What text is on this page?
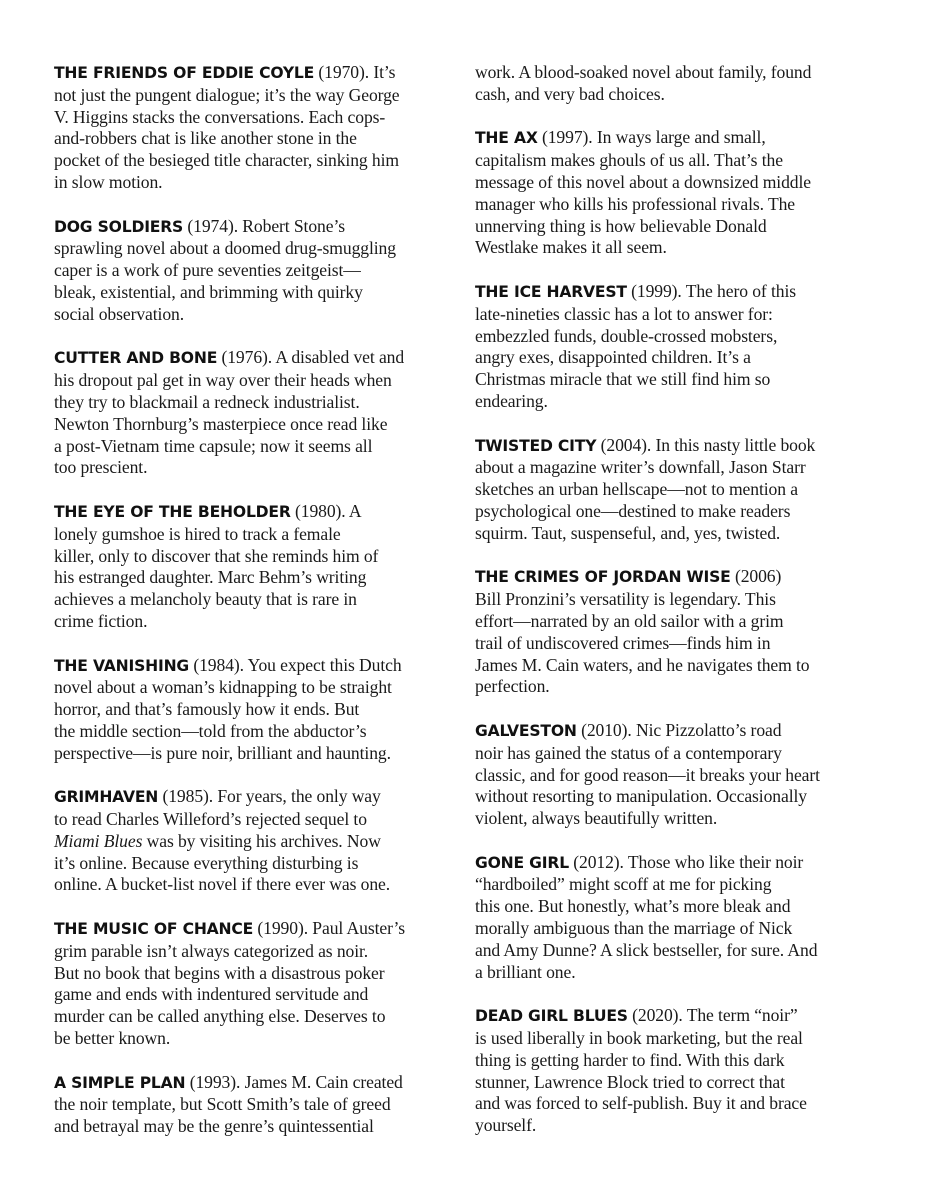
THE FRIENDS OF EDDIE COYLE (1970). It’s
not just the pungent dialogue; it’s the way George
V. Higgins stacks the conversations. Each cops-
and-robbers chat is like another stone in the
pocket of the besieged title character, sinking him
in slow motion.

DOG SOLDIERS (1974). Robert Stone’s
sprawling novel about a doomed drug-smuggling
caper is a work of pure seventies zeitgeist—
bleak, existential, and brimming with quirky
social observation.

CUTTER AND BONE (1976). A disabled vet and
his dropout pal get in way over their heads when
they try to blackmail a redneck industrialist.
Newton Thornburg’s masterpiece once read like
a post-Vietnam time capsule; now it seems all
too prescient.

THE EYE OF THE BEHOLDER (1980). A
lonely gumshoe is hired to track a female
killer, only to discover that she reminds him of
his estranged daughter. Marc Behm’s writing
achieves a melancholy beauty that is rare in
crime fiction.

THE VANISHING (1984). You expect this Dutch
novel about a woman’s kidnapping to be straight
horror, and that’s famously how it ends. But
the middle section—told from the abductor’s
perspective—is pure noir, brilliant and haunting.

GRIMHAVEN (1985). For years, the only way
to read Charles Willeford’s rejected sequel to
Miami Blues was by visiting his archives. Now
it’s online. Because everything disturbing is
online. A bucket-list novel if there ever was one.

THE MUSIC OF CHANCE (1990). Paul Auster’s
grim parable isn’t always categorized as noir.
But no book that begins with a disastrous poker
game and ends with indentured servitude and
murder can be called anything else. Deserves to
be better known.

A SIMPLE PLAN (1993). James M. Cain created
the noir template, but Scott Smith’s tale of greed
and betrayal may be the genre’s quintessential

work. A blood-soaked novel about family, found
cash, and very bad choices.

THE AX (1997). In ways large and small,
capitalism makes ghouls of us all. That’s the
message of this novel about a downsized middle
manager who kills his professional rivals. The
unnerving thing is how believable Donald
Westlake makes it all seem.

THE ICE HARVEST (1999). The hero of this
late-nineties classic has a lot to answer for:
embezzled funds, double-crossed mobsters,
angry exes, disappointed children. It’s a
Christmas miracle that we still find him so
endearing.

TWISTED CITY (2004). In this nasty little book
about a magazine writer’s downfall, Jason Starr
sketches an urban hellscape—not to mention a
psychological one—destined to make readers
squirm. Taut, suspenseful, and, yes, twisted.

THE CRIMES OF JORDAN WISE (2006)
Bill Pronzini’s versatility is legendary. This
effort—narrated by an old sailor with a grim
trail of undiscovered crimes—finds him in
James M. Cain waters, and he navigates them to
perfection.

GALVESTON (2010). Nic Pizzolatto’s road
noir has gained the status of a contemporary
classic, and for good reason—it breaks your heart
without resorting to manipulation. Occasionally
violent, always beautifully written.

GONE GIRL (2012). Those who like their noir
“hardboiled” might scoff at me for picking
this one. But honestly, what’s more bleak and
morally ambiguous than the marriage of Nick
and Amy Dunne? A slick bestseller, for sure. And
a brilliant one.

DEAD GIRL BLUES (2020). The term “noir”
is used liberally in book marketing, but the real
thing is getting harder to find. With this dark
stunner, Lawrence Block tried to correct that
and was forced to self-publish. Buy it and brace
yourself.
